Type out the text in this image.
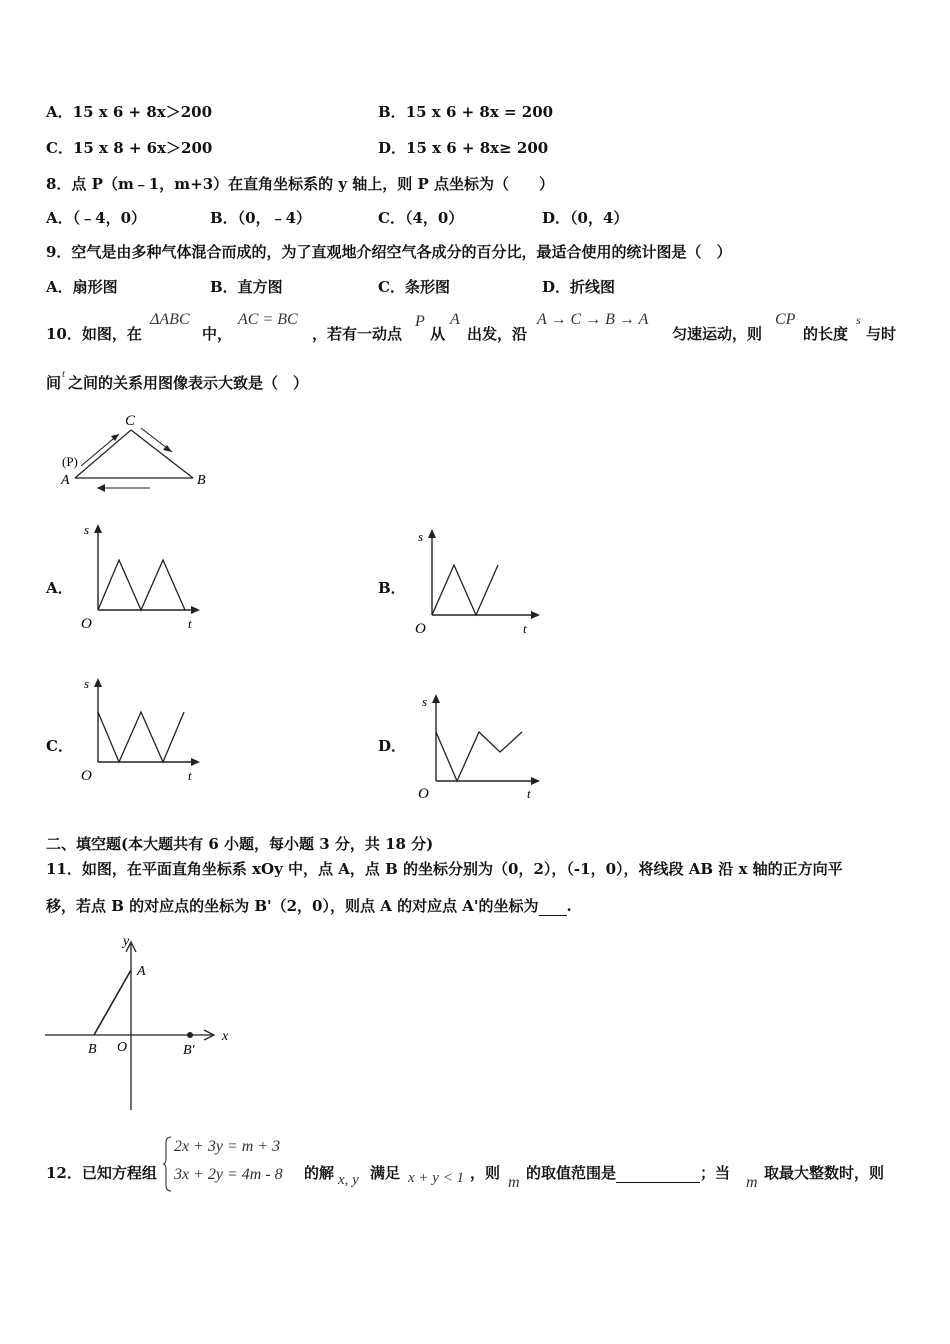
A．15 ⅹ 6 + 8x＞200	B．15 ⅹ 6 + 8x = 200
C．15 ⅹ 8 + 6x＞200	D．15 ⅹ 6 + 8x≥ 200
8．点 P（m﹣1，m+3）在直角坐标系的 y 轴上，则 P 点坐标为（　　）
A．（﹣4，0）	B．（0，﹣4）	C．（4，0）	D．（0，4）
9．空气是由多种气体混合而成的，为了直观地介绍空气各成分的百分比，最适合使用的统计图是（　）
A．扇形图	B．直方图	C．条形图	D．折线图
10．如图，在
ΔABC
中，
AC = BC
，若有一动点
P
从
A
出发，沿
A → C → B → A
匀速运动，则
CP
的长度
s
与时
间 t 之间的关系用图像表示大致是（　）
C
(P)
A	B
A．
s
O	t
B．
s
O	t
C．
s
O	t
D．
s
O	t
二、填空题(本大题共有 6 小题，每小题 3 分，共 18 分)
11．如图，在平面直角坐标系 xOy 中，点 A，点 B 的坐标分别为（0，2），（-1，0），将线段 AB 沿 x 轴的正方向平
移，若点 B 的对应点的坐标为 B'（2，0），则点 A 的对应点 A'的坐标为 .
y
A
B O	B′
x
12．已知方程组
2x + 3y = m + 3
3x + 2y = 4m - 8 的解 x, y 满足 x + y < 1 ，则
m
的取值范围是	；当
m
取最大整数时，则
